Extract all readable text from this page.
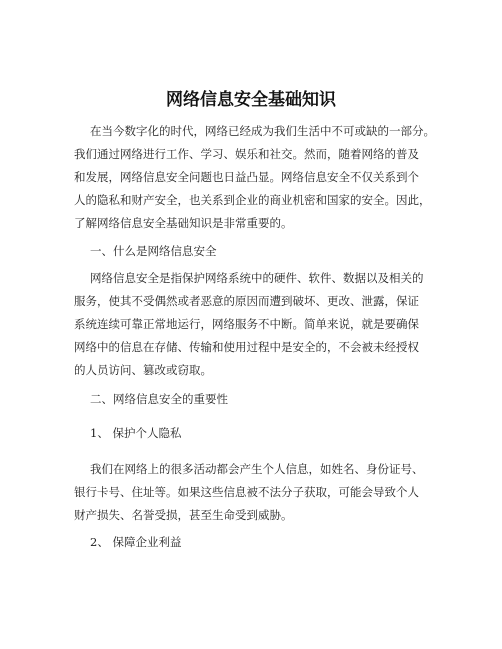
网络信息安全基础知识
在当今数字化的时代，网络已经成为我们生活中不可或缺的一部分。
我们通过网络进行工作、学习、娱乐和社交。然而，随着网络的普及
和发展，网络信息安全问题也日益凸显。网络信息安全不仅关系到个
人的隐私和财产安全，也关系到企业的商业机密和国家的安全。因此，
了解网络信息安全基础知识是非常重要的。
一、什么是网络信息安全
网络信息安全是指保护网络系统中的硬件、软件、数据以及相关的
服务，使其不受偶然或者恶意的原因而遭到破坏、更改、泄露，保证
系统连续可靠正常地运行，网络服务不中断。简单来说，就是要确保
网络中的信息在存储、传输和使用过程中是安全的，不会被未经授权
的人员访问、篡改或窃取。
二、网络信息安全的重要性
1、 保护个人隐私
我们在网络上的很多活动都会产生个人信息，如姓名、身份证号、
银行卡号、住址等。如果这些信息被不法分子获取，可能会导致个人
财产损失、名誉受损，甚至生命受到威胁。
2、 保障企业利益
